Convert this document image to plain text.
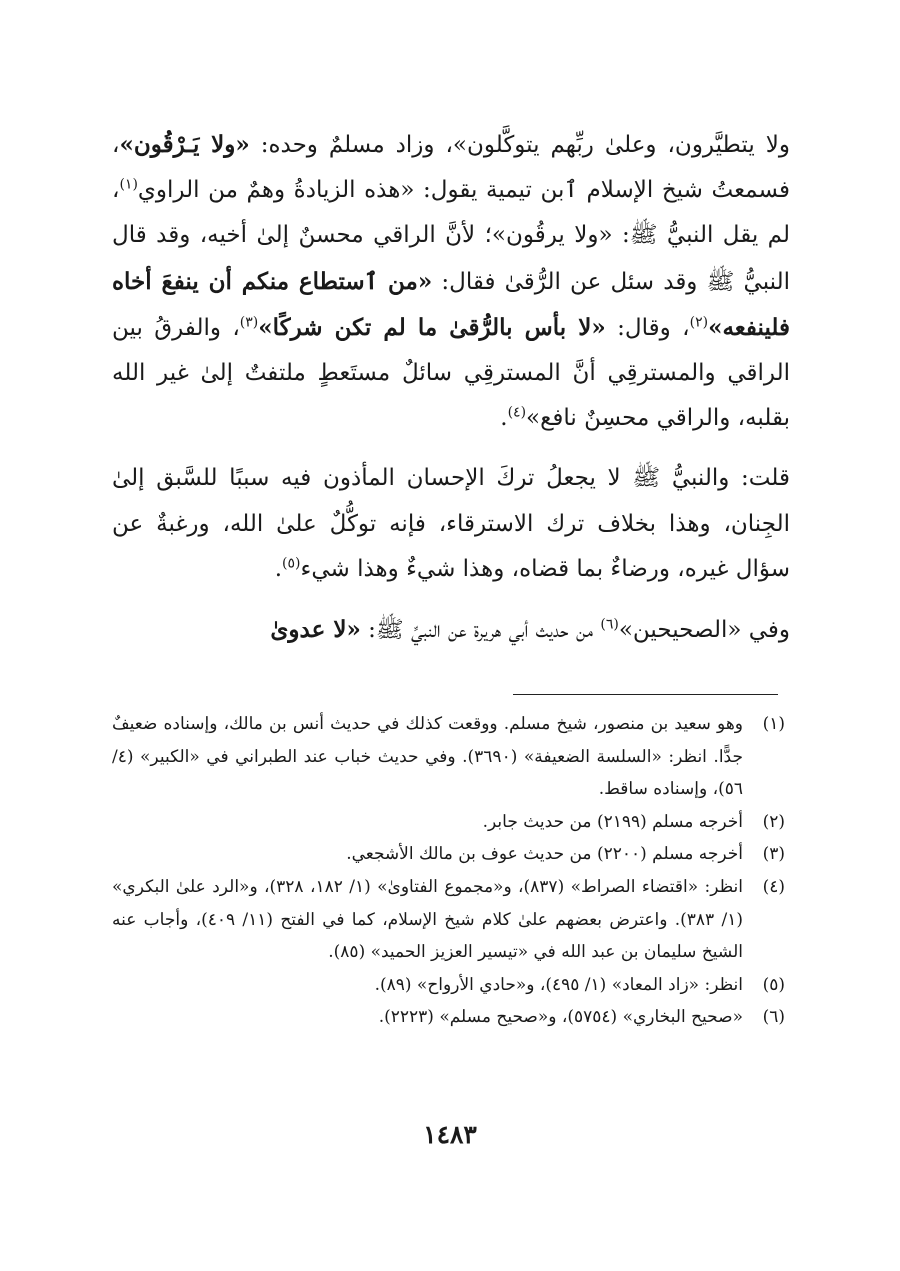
ولا يتطيَّرون، وعلىٰ ربِّهم يتوكَّلون»، وزاد مسلمٌ وحده: «ولا يَـرْقُون»، فسمعتُ شيخ الإسلام ٱبن تيمية يقول: «هذه الزيادةُ وهمٌ من الراوي$^{(١)}$، لم يقل النبيُّ ﷺ: «ولا يرقُون»؛ لأنَّ الراقي محسنٌ إلىٰ أخيه، وقد قال النبيُّ ﷺ وقد سئل عن الرُّقىٰ فقال: «من ٱستطاع منكم أن ينفعَ أخاه فلينفعه»$^{(٢)}$، وقال: «لا بأس بالرُّقىٰ ما لم تكن شركًا»$^{(٣)}$، والفرقُ بين الراقي والمسترقِي أنَّ المسترقِي سائلٌ مستَعطٍ ملتفتٌ إلىٰ غير الله بقلبه، والراقي محسِنٌ نافع»$^{(٤)}$.

قلت: والنبيُّ ﷺ لا يجعلُ تركَ الإحسان المأذون فيه سببًا للسَّبق إلىٰ الجِنان، وهذا بخلاف ترك الاسترقاء، فإنه توكُّلٌ علىٰ الله، ورغبةٌ عن سؤال غيره، ورضاءٌ بما قضاه، وهذا شيءٌ وهذا شيء$^{(٥)}$.

وفي «الصحيحين»$^{(٦)}$ من حديث أبي هريرة عن النبيِّ ﷺ: «لا عدوىٰ

(١)
وهو سعيد بن منصور، شيخ مسلم. ووقعت كذلك في حديث أنس بن مالك، وإسناده ضعيفٌ جدًّا. انظر: «السلسة الضعيفة» (٣٦٩٠). وفي حديث خباب عند الطبراني في «الكبير» (٤/ ٥٦)، وإسناده ساقط.
(٢)
أخرجه مسلم (٢١٩٩) من حديث جابر.
(٣)
أخرجه مسلم (٢٢٠٠) من حديث عوف بن مالك الأشجعي.
(٤)
انظر: «اقتضاء الصراط» (٨٣٧)، و«مجموع الفتاوىٰ» (١/ ١٨٢، ٣٢٨)، و«الرد علىٰ البكري» (١/ ٣٨٣). واعترض بعضهم علىٰ كلام شيخ الإسلام، كما في الفتح (١١/ ٤٠٩)، وأجاب عنه الشيخ سليمان بن عبد الله في «تيسير العزيز الحميد» (٨٥).
(٥)
انظر: «زاد المعاد» (١/ ٤٩٥)، و«حادي الأرواح» (٨٩).
(٦)
«صحيح البخاري» (٥٧٥٤)، و«صحيح مسلم» (٢٢٢٣).
١٤٨٣
